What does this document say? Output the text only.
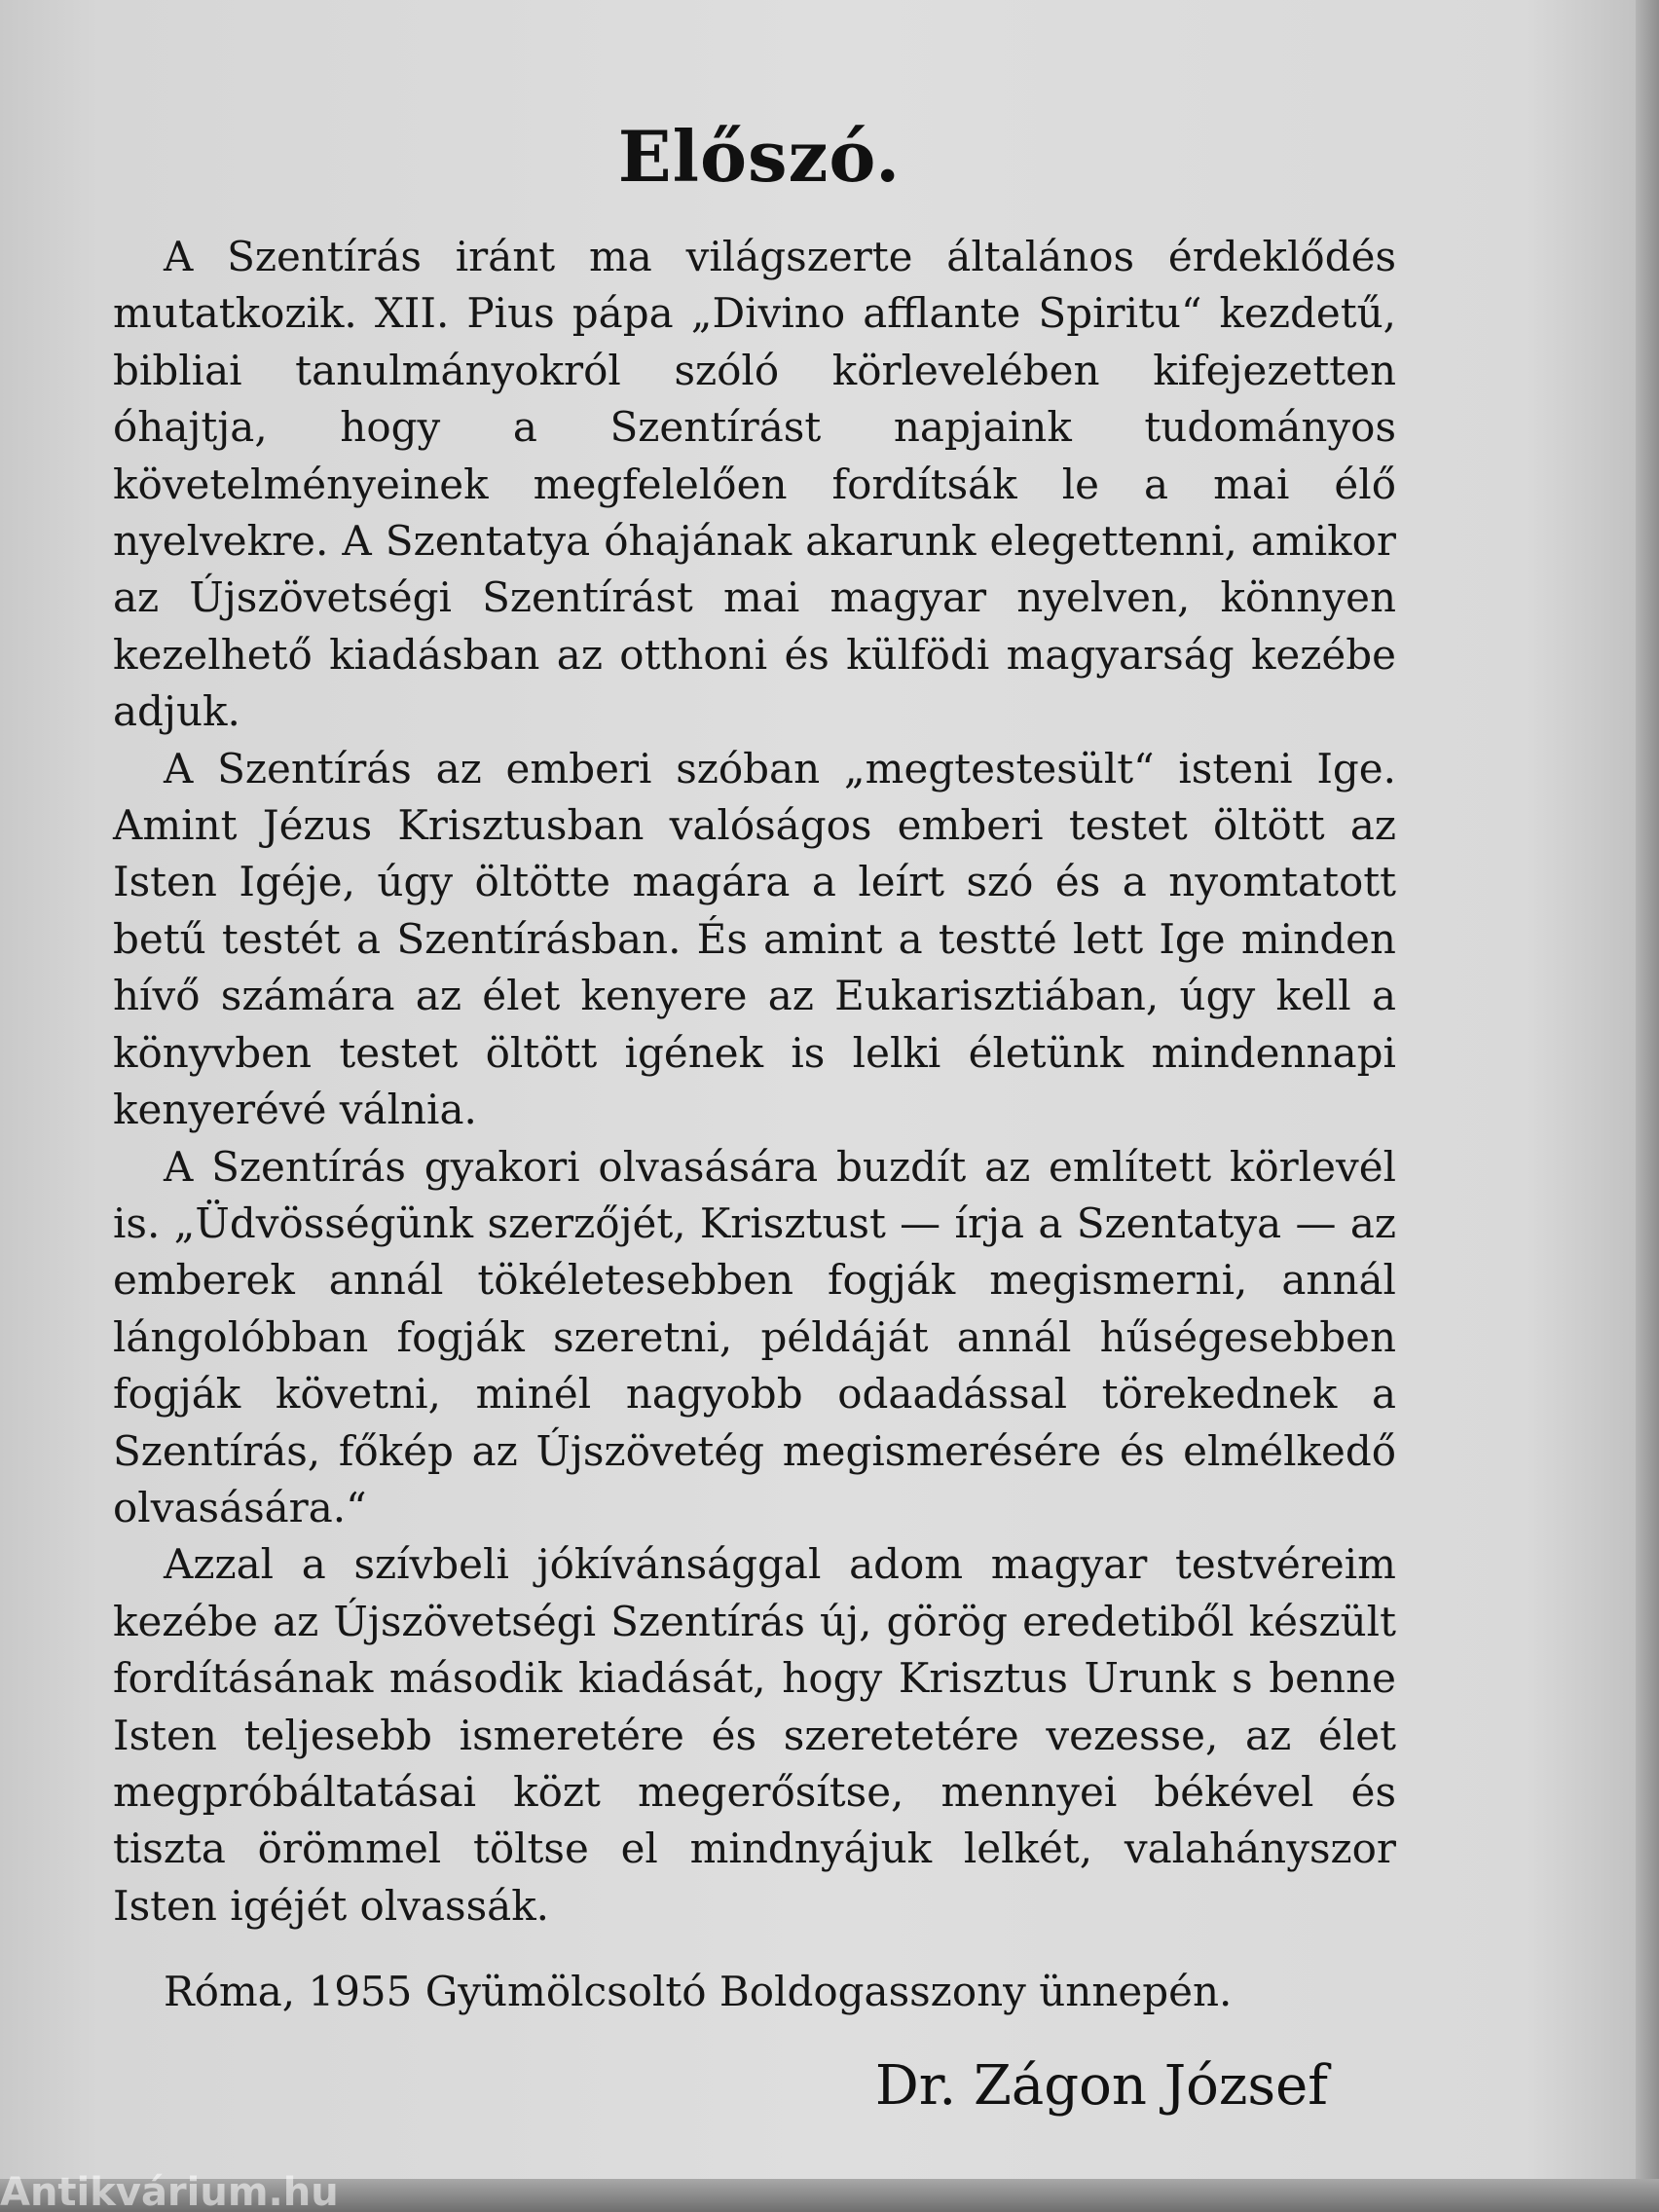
Előszó.

A Szentírás iránt ma világszerte általános érdeklődés mutatkozik. XII. Pius pápa „Divino afflante Spiritu“ kezdetű, bibliai tanulmányokról szóló körlevelében kifejezetten óhajtja, hogy a Szentírást napjaink tudományos követelményeinek megfelelően fordítsák le a mai élő nyelvekre. A Szentatya óhajának akarunk elegettenni, amikor az Újszövetségi Szentírást mai magyar nyelven, könnyen kezelhető kiadásban az otthoni és külfödi magyarság kezébe adjuk.

A Szentírás az emberi szóban „megtestesült“ isteni Ige. Amint Jézus Krisztusban valóságos emberi testet öltött az Isten Igéje, úgy öltötte magára a leírt szó és a nyomtatott betű testét a Szentírásban. És amint a testté lett Ige minden hívő számára az élet kenyere az Eukarisztiában, úgy kell a könyvben testet öltött igének is lelki életünk mindennapi kenyerévé válnia.

A Szentírás gyakori olvasására buzdít az említett körlevél is. „Üdvösségünk szerzőjét, Krisztust — írja a Szentatya — az emberek annál tökéletesebben fogják megismerni, annál lángolóbban fogják szeretni, példáját annál hűségesebben fogják követni, minél nagyobb odaadással törekednek a Szentírás, főkép az Újszövetég megismerésére és elmélkedő olvasására.“

Azzal a szívbeli jókívánsággal adom magyar testvéreim kezébe az Újszövetségi Szentírás új, görög eredetiből készült fordításának második kiadását, hogy Krisztus Urunk s benne Isten teljesebb ismeretére és szeretetére vezesse, az élet megpróbáltatásai közt megerősítse, mennyei békével és tiszta örömmel töltse el mindnyájuk lelkét, valahányszor Isten igéjét olvassák.

Róma, 1955 Gyümölcsoltó Boldogasszony ünnepén.
Dr. Zágon József
Antikvárium.hu
